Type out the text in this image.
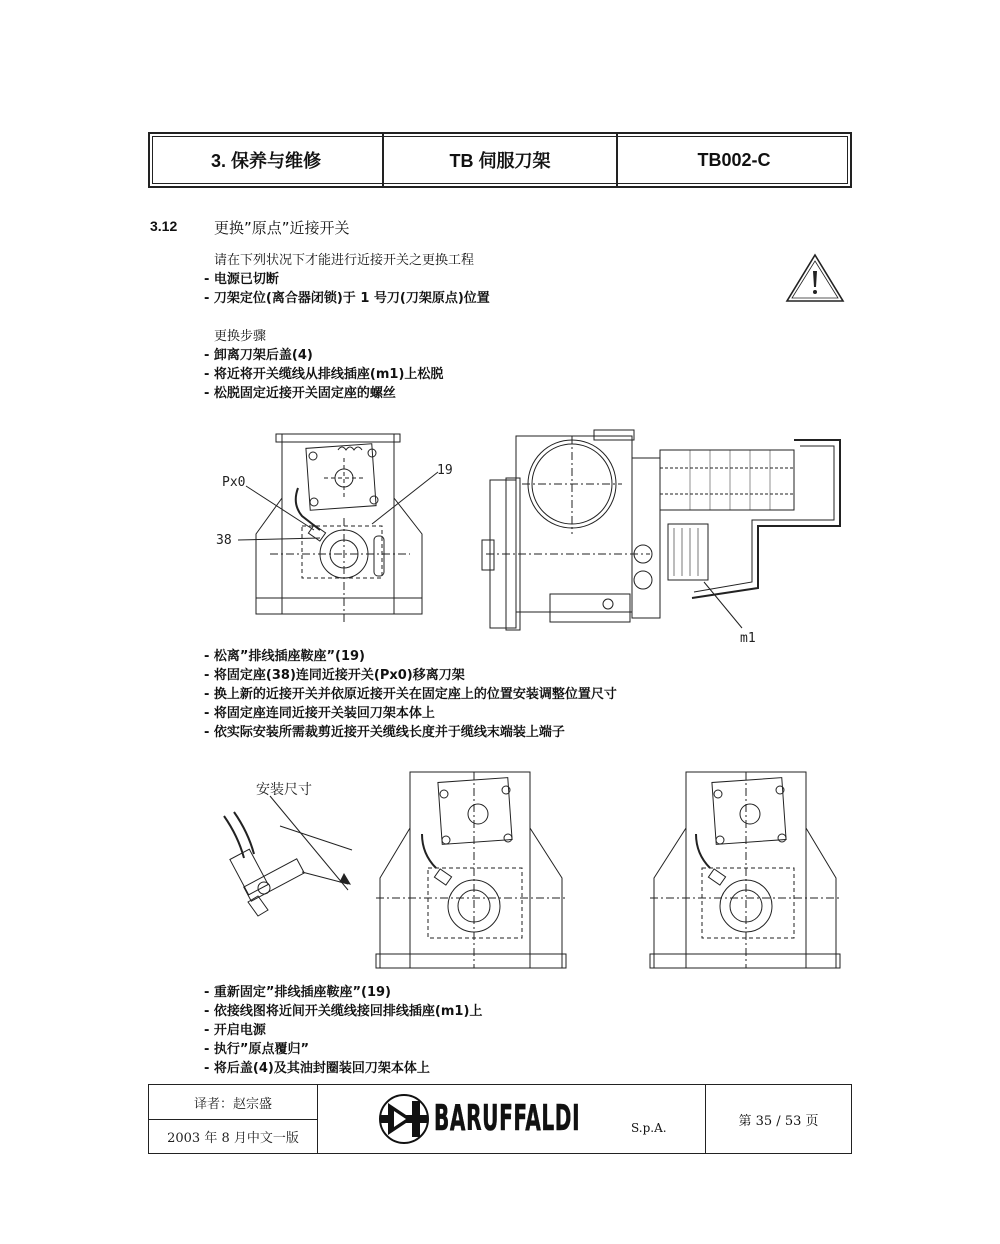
3. 保养与维修	TB 伺服刀架	TB002-C
3.12 更换”原点”近接开关
请在下列状况下才能进行近接开关之更换工程
- 电源已切断
- 刀架定位(离合器闭锁)于 1 号刀(刀架原点)位置
更换步骤
- 卸离刀架后盖(4)
- 将近将开关缆线从排线插座(m1)上松脱
- 松脱固定近接开关固定座的螺丝
Px0
19
38
m1
- 松离”排线插座鞍座”(19)
- 将固定座(38)连同近接开关(Px0)移离刀架
- 换上新的近接开关并依原近接开关在固定座上的位置安装调整位置尺寸
- 将固定座连同近接开关装回刀架本体上
- 依实际安装所需裁剪近接开关缆线长度并于缆线末端装上端子
安装尺寸
- 重新固定”排线插座鞍座”(19)
- 依接线图将近间开关缆线接回排线插座(m1)上
- 开启电源
- 执行”原点覆归”
- 将后盖(4)及其油封圈装回刀架本体上
译者：赵宗盛
2003 年 8 月中文一版	BARUFFALDI	S.p.A.	第 35 / 53 页
